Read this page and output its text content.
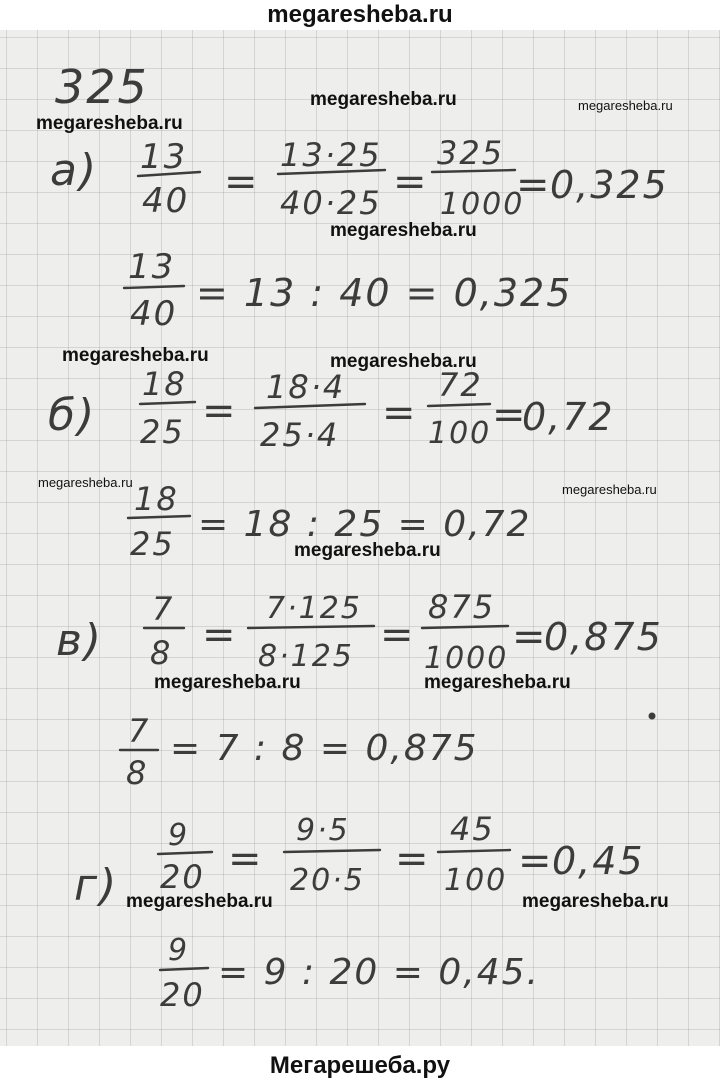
megaresheba.ru
325
а) 13
40 =
13·25
40·25 =
325
1000
=
0,325
13
40 = 13 : 40 = 0,325
б)
18
25 =
18·4
25·4 =
72
100 =
0,72
18
25 = 18 : 25 = 0,72
в)
7
8 =
7·125
8·125 =
875
1000 =
0,875
7
8
= 7 : 8 = 0,875
г)
9
20 =
9·5
20·5 =
45
100 =
0,45
9
20
= 9 : 20 = 0,45.
megaresheba.ru	megaresheba.ru
megaresheba.ru
megaresheba.ru
megaresheba.ru	megaresheba.ru
megaresheba.ru	megaresheba.ru
megaresheba.ru
megaresheba.ru	megaresheba.ru
megaresheba.ru	megaresheba.ru
Мегарешеба.ру
